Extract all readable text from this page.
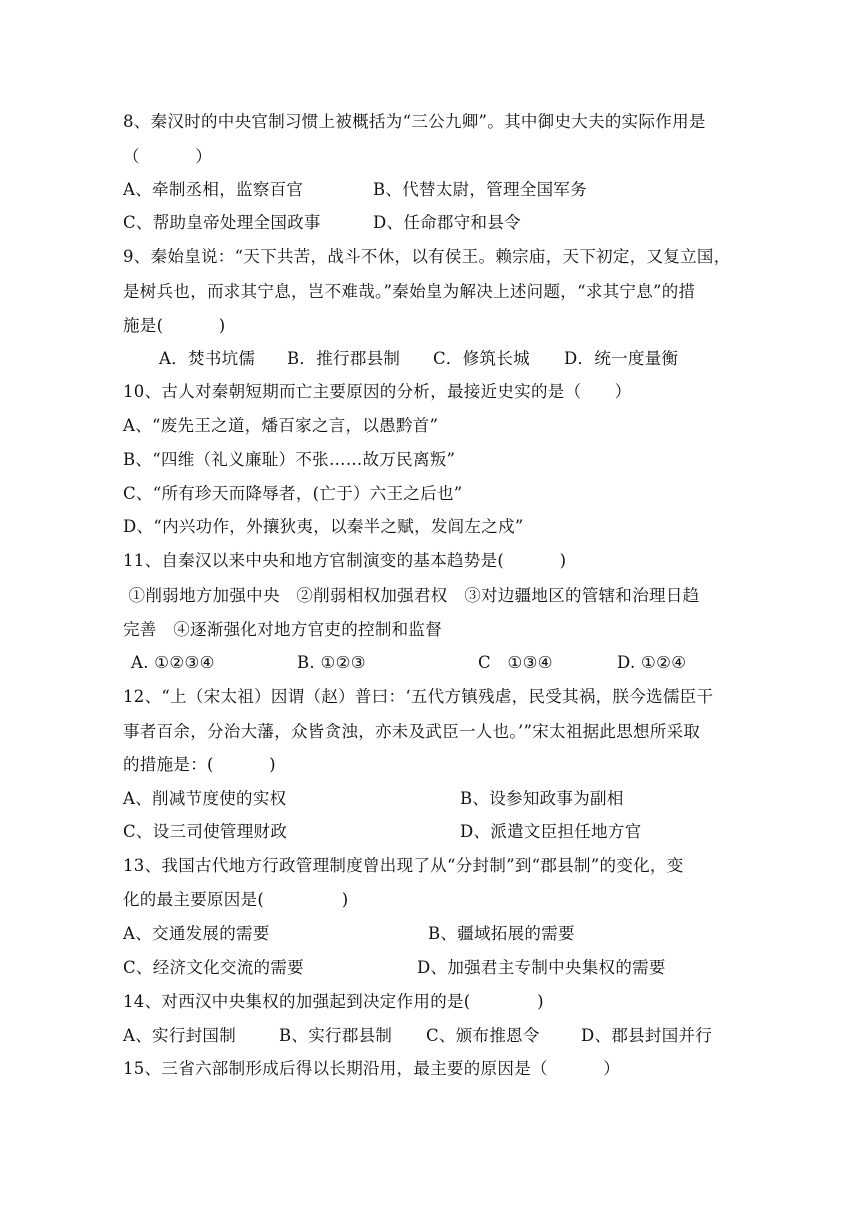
8、秦汉时的中央官制习惯上被概括为“三公九卿”。其中御史大夫的实际作用是
（          ）
A、牵制丞相，监察百官	B、代替太尉，管理全国军务
C、帮助皇帝处理全国政事	D、任命郡守和县令
9、秦始皇说：“天下共苦，战斗不休，以有侯王。赖宗庙，天下初定，又复立国，
是树兵也，而求其宁息，岂不难哉。”秦始皇为解决上述问题，“求其宁息”的措
施是(          )
A．焚书坑儒 B．推行郡县制 C．修筑长城 D．统一度量衡
10、古人对秦朝短期而亡主要原因的分析，最接近史实的是（      ）
A、“废先王之道，燔百家之言，以愚黔首”
B、“四维（礼义廉耻）不张……故万民离叛”
C、“所有珍天而降辱者，(亡于）六王之后也”
D、“内兴功作，外攘狄夷，以秦半之赋，发闾左之戍”
11、自秦汉以来中央和地方官制演变的基本趋势是(          )
①削弱地方加强中央   ②削弱相权加强君权   ③对边疆地区的管辖和治理日趋
完善   ④逐渐强化对地方官吏的控制和监督
A. ①②③④	B. ①②③	C   ①③④	D. ①②④
12、“上（宋太祖）因谓（赵）普曰：‘五代方镇残虐，民受其祸，朕今选儒臣干
事者百余，分治大藩，众皆贪浊，亦未及武臣一人也。’”宋太祖据此思想所采取
的措施是：(          )
A、削减节度使的实权	B、设参知政事为副相
C、设三司使管理财政	D、派遣文臣担任地方官
13、我国古代地方行政管理制度曾出现了从“分封制”到“郡县制”的变化，变
化的最主要原因是(              )
A、交通发展的需要	B、疆域拓展的需要
C、经济文化交流的需要	D、加强君主专制中央集权的需要
14、对西汉中央集权的加强起到决定作用的是(            )
A、实行封国制	B、实行郡县制 C、颁布推恩令	D、郡县封国并行
15、三省六部制形成后得以长期沿用，最主要的原因是（          ）
